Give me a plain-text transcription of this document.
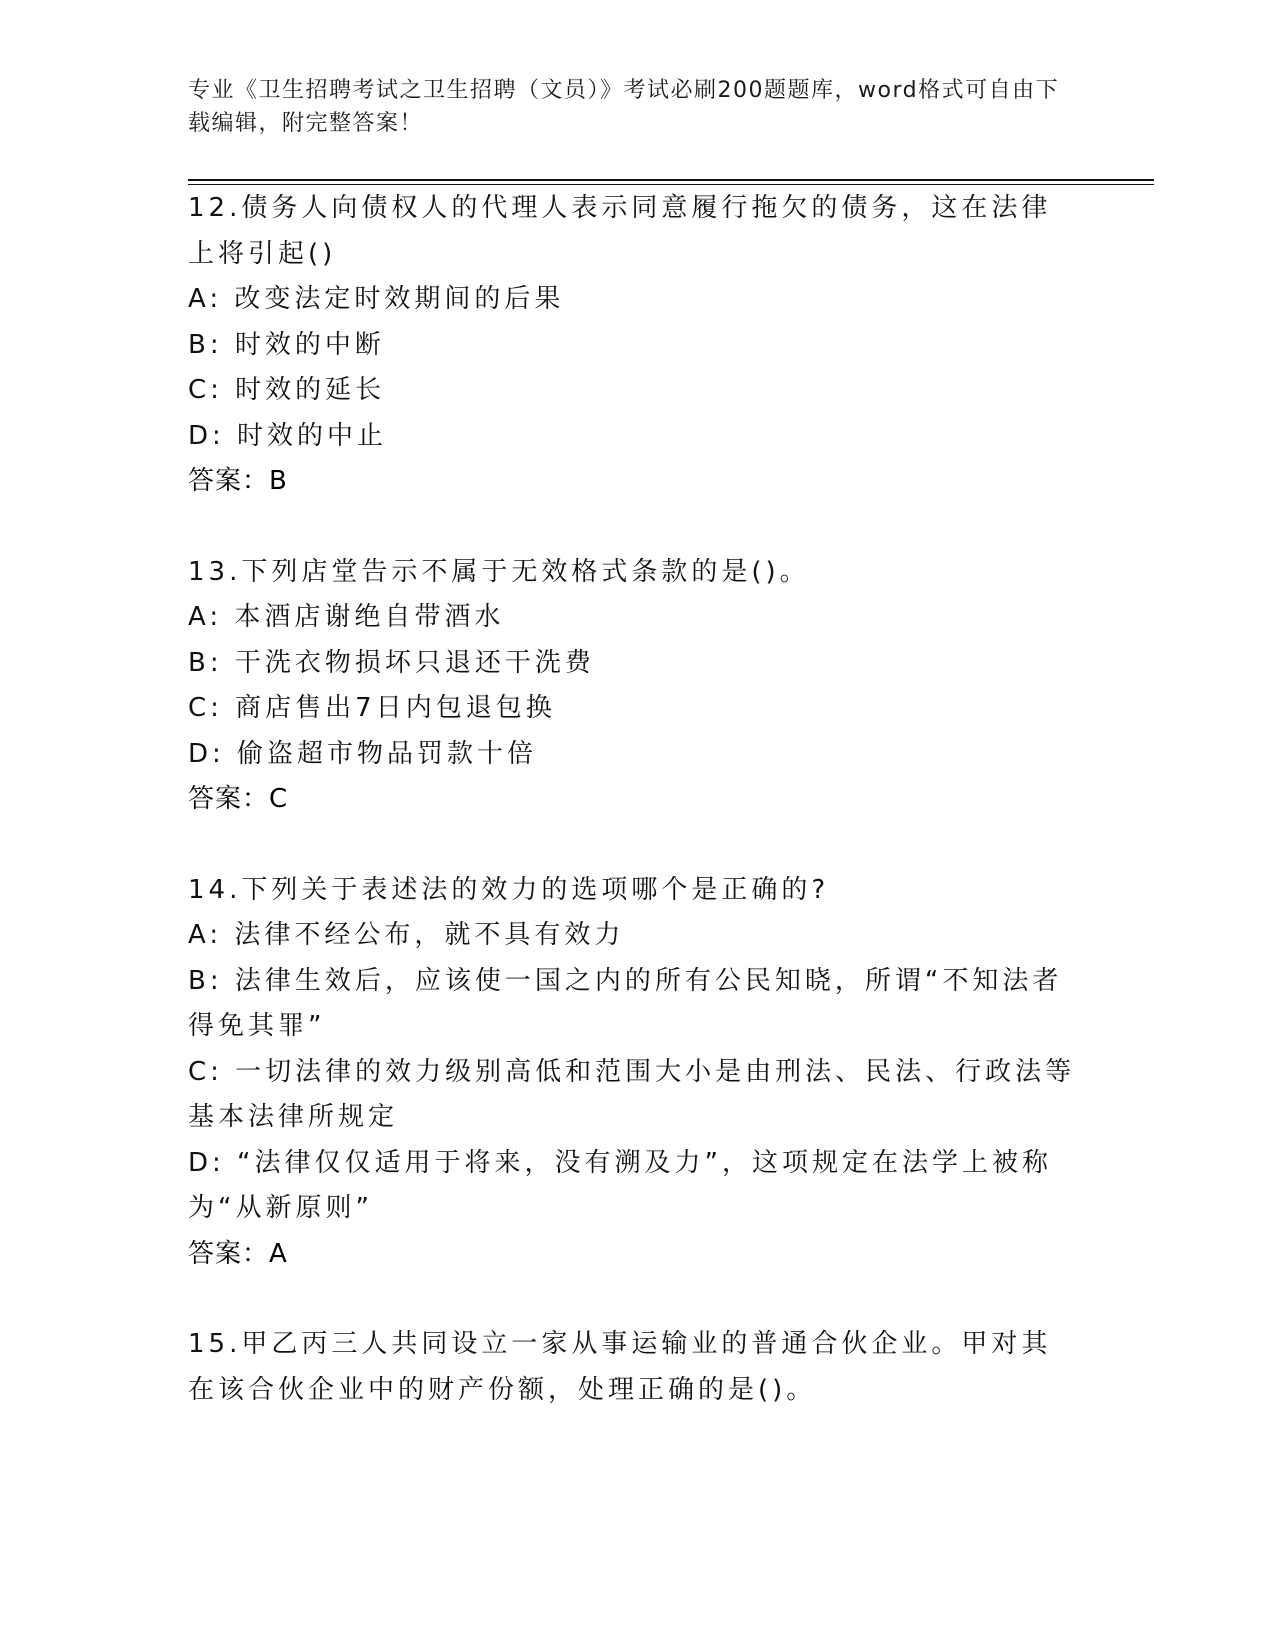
专业《卫生招聘考试之卫生招聘（文员）》考试必刷200题题库，word格式可自由下载编辑，附完整答案！
12.债务人向债权人的代理人表示同意履行拖欠的债务，这在法律上将引起()
A: 改变法定时效期间的后果
B: 时效的中断
C: 时效的延长
D: 时效的中止
答案：B
13.下列店堂告示不属于无效格式条款的是()。
A: 本酒店谢绝自带酒水
B: 干洗衣物损坏只退还干洗费
C: 商店售出7日内包退包换
D: 偷盗超市物品罚款十倍
答案：C
14.下列关于表述法的效力的选项哪个是正确的?
A: 法律不经公布，就不具有效力
B: 法律生效后，应该使一国之内的所有公民知晓，所谓“不知法者得免其罪”
C: 一切法律的效力级别高低和范围大小是由刑法、民法、行政法等基本法律所规定
D: “法律仅仅适用于将来，没有溯及力”，这项规定在法学上被称为“从新原则”
答案：A
15.甲乙丙三人共同设立一家从事运输业的普通合伙企业。甲对其在该合伙企业中的财产份额，处理正确的是()。
